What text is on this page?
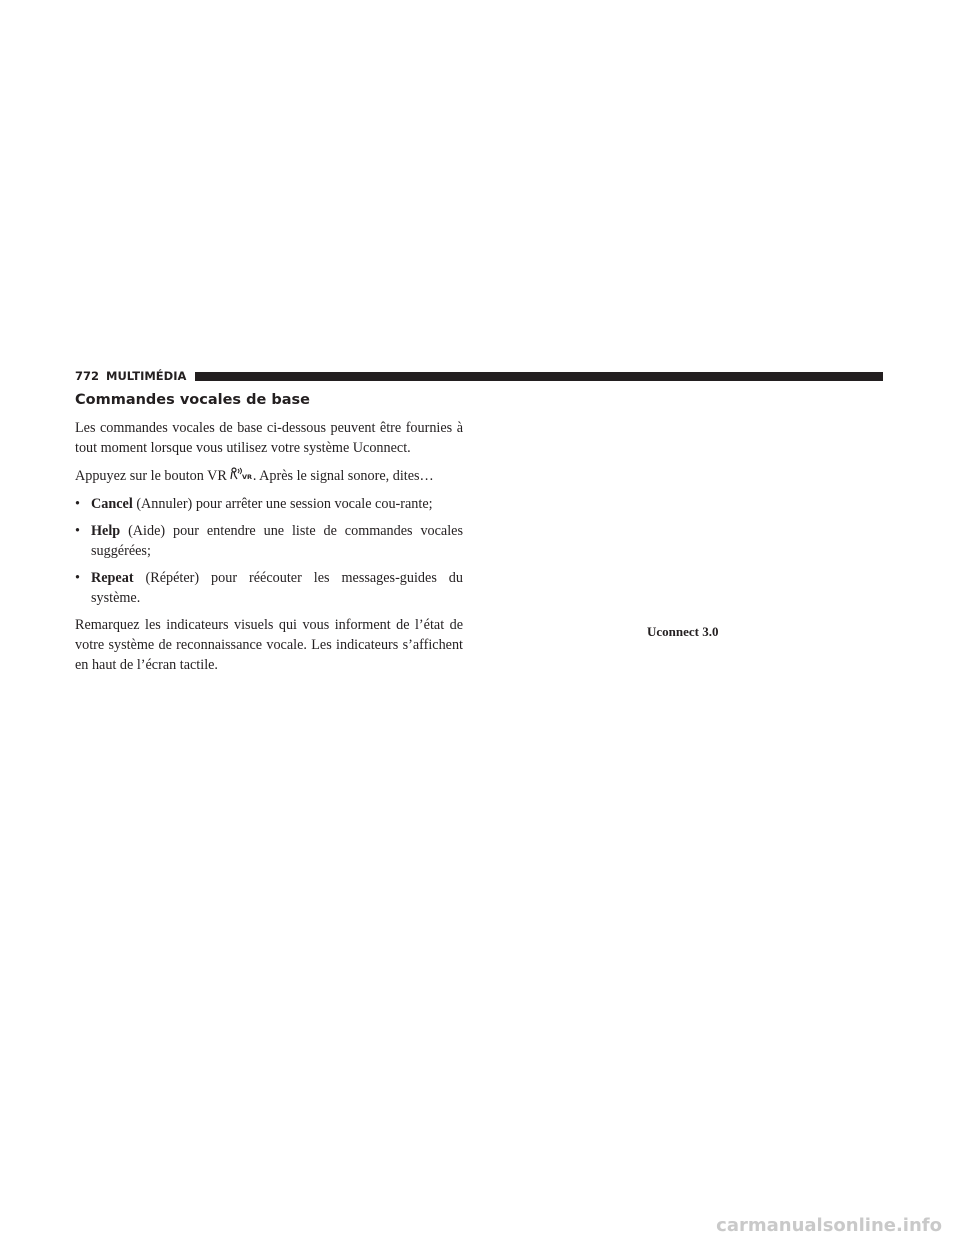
772 MULTIMÉDIA
Commandes vocales de base

Les commandes vocales de base ci-dessous peuvent être fournies à tout moment lorsque vous utilisez votre système Uconnect.

Appuyez sur le bouton VR VR . Après le signal sonore, dites…

• Cancel (Annuler) pour arrêter une session vocale cou-rante;
• Help (Aide) pour entendre une liste de commandes vocales suggérées;
• Repeat (Répéter) pour réécouter les messages-guides du système.

Remarquez les indicateurs visuels qui vous informent de l’état de votre système de reconnaissance vocale. Les indicateurs s’affichent en haut de l’écran tactile.

Uconnect 3.0
carmanualsonline.info
